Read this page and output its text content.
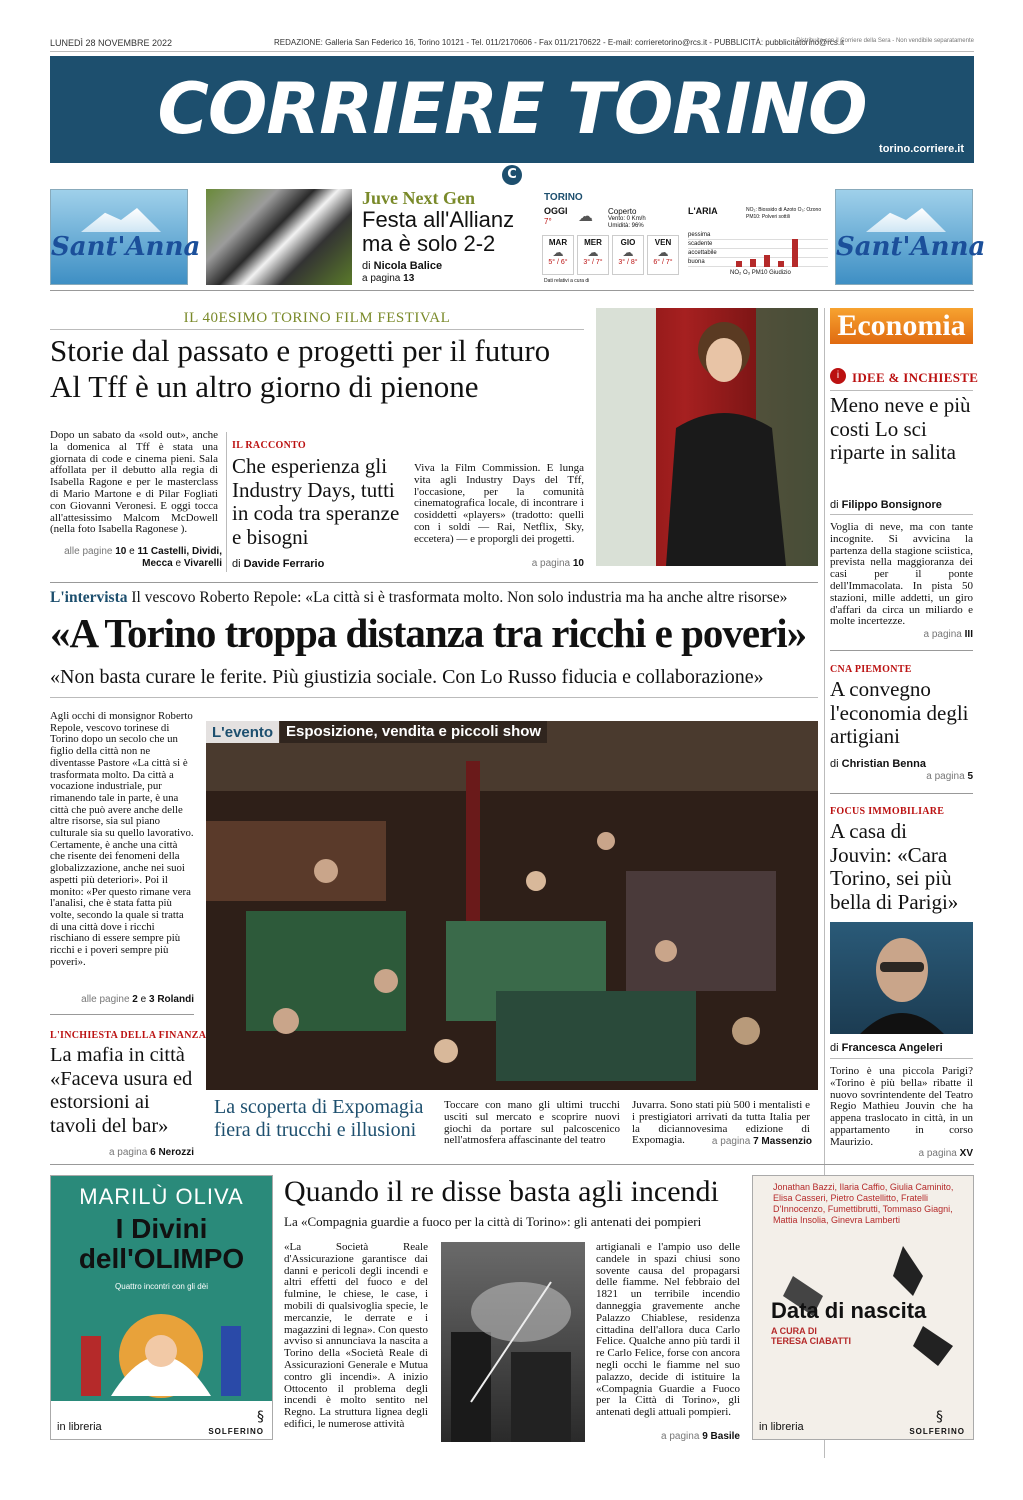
LUNEDÌ 28 NOVEMBRE 2022	REDAZIONE: Galleria San Federico 16, Torino 10121 - Tel. 011/2170606 - Fax 011/2170622 - E-mail: corrieretorino@rcs.it - PUBBLICITÀ: pubblicitatorino@rcs.it
Distribuito con il Corriere della Sera - Non vendibile separatamente
CORRIERE TORINO	torino.corriere.it
C
Sant'Anna	Sant'Anna
Juve Next Gen
Festa all'Allianz ma è solo 2-2
di Nicola Balice
a pagina 13
TORINO
OGGI
7° ☁ Coperto
Vento: 0 Km/h
Umidità: 96%
MAR
☁
5° / 6°
MER
☁
3° / 7°
GIO
☁
3° / 8°
VEN
☁
6° / 7°
Dati relativi a cura di
L'ARIA	NO₂: Biossido di Azoto O₃: Ozono PM10: Polveri sottili
pessima
scadente
accettabile
buona
NO₂ O₃ PM10 Giudizio
IL 40ESIMO TORINO FILM FESTIVAL
Storie dal passato e progetti per il futuro
Al Tff è un altro giorno di pienone
Dopo un sabato da «sold out», anche la domenica al Tff è stata una giornata di code e cinema pieni. Sala affollata per il debutto alla regia di Isabella Ragone e per le masterclass di Mario Martone e di Pilar Fogliati con Giovanni Veronesi. E oggi tocca all'attesissimo Malcom McDowell (nella foto Isabella Ragonese ).
alle pagine 10 e 11 Castelli, Dividi, Mecca e Vivarelli
IL RACCONTO
Che esperienza gli Industry Days, tutti in coda tra speranze e bisogni
di Davide Ferrario
Viva la Film Commission. E lunga vita agli Industry Days del Tff, l'occasione, per la comunità cinematografica locale, di incontrare i cosiddetti «players» (tradotto: quelli con i soldi — Rai, Netflix, Sky, eccetera) — e proporgli dei progetti.
a pagina 10
Economia
i IDEE & INCHIESTE
Meno neve e più costi Lo sci riparte in salita
di Filippo Bonsignore
Voglia di neve, ma con tante incognite. Si avvicina la partenza della stagione sciistica, prevista nella maggioranza dei casi per il ponte dell'Immacolata. In pista 50 stazioni, mille addetti, un giro d'affari da circa un miliardo e molte incertezze.
a pagina III
CNA PIEMONTE
A convegno l'economia degli artigiani
di Christian Benna
a pagina 5
FOCUS IMMOBILIARE
A casa di Jouvin: «Cara Torino, sei più bella di Parigi»
di Francesca Angeleri
Torino è una piccola Parigi? «Torino è più bella» ribatte il nuovo sovrintendente del Teatro Regio Mathieu Jouvin che ha appena traslocato in città, in un appartamento in corso Maurizio.
a pagina XV
L'intervista Il vescovo Roberto Repole: «La città si è trasformata molto. Non solo industria ma ha anche altre risorse»
«A Torino troppa distanza tra ricchi e poveri»
«Non basta curare le ferite. Più giustizia sociale. Con Lo Russo fiducia e collaborazione»
Agli occhi di monsignor Roberto Repole, vescovo torinese di Torino dopo un secolo che un figlio della città non ne diventasse Pastore «La città si è trasformata molto. Da città a vocazione industriale, pur rimanendo tale in parte, è una città che può avere anche delle altre risorse, sia sul piano culturale sia su quello lavorativo. Certamente, è anche una città che risente dei fenomeni della globalizzazione, anche nei suoi aspetti più deteriori». Poi il monito: «Per questo rimane vera l'analisi, che è stata fatta più volte, secondo la quale si tratta di una città dove i ricchi rischiano di essere sempre più ricchi e i poveri sempre più poveri».
alle pagine 2 e 3 Rolandi
L'INCHIESTA DELLA FINANZA
La mafia in città «Faceva usura ed estorsioni ai tavoli del bar»
a pagina 6 Nerozzi
L'evento Esposizione, vendita e piccoli show
La scoperta di Expomagia fiera di trucchi e illusioni
Toccare con mano gli ultimi trucchi usciti sul mercato e scoprire nuovi giochi da portare sul palcoscenico nell'atmosfera affascinante del teatro
Juvarra. Sono stati più 500 i mentalisti e i prestigiatori arrivati da tutta Italia per la diciannovesima edizione di Expomagia.	a pagina 7 Massenzio
MARILÙ OLIVA
I Divini dell'OLIMPO
Quattro incontri con gli dèi
in libreria
§
SOLFERINO
Quando il re disse basta agli incendi
La «Compagnia guardie a fuoco per la città di Torino»: gli antenati dei pompieri
«La Società Reale d'Assicurazione garantisce dai danni e pericoli degli incendi e altri effetti del fuoco e del fulmine, le chiese, le case, i mobili di qualsivoglia specie, le mercanzie, le derrate e i magazzini di legna». Con questo avviso si annunciava la nascita a Torino della «Società Reale di Assicurazioni Generale e Mutua contro gli incendi». A inizio Ottocento il problema degli incendi è molto sentito nel Regno. La struttura lignea degli edifici, le numerose attività
artigianali e l'ampio uso delle candele in spazi chiusi sono sovente causa del propagarsi delle fiamme. Nel febbraio del 1821 un terribile incendio danneggia gravemente anche Palazzo Chiablese, residenza cittadina dell'allora duca Carlo Felice. Qualche anno più tardi il re Carlo Felice, forse con ancora negli occhi le fiamme nel suo palazzo, decide di istituire la «Compagnia Guardie a Fuoco per la Città di Torino», gli antenati degli attuali pompieri.
a pagina 9 Basile
Jonathan Bazzi, Ilaria Caffio, Giulia Caminito, Elisa Casseri, Pietro Castellitto, Fratelli D'Innocenzo, Fumettibrutti, Tommaso Giagni, Mattia Insolia, Ginevra Lamberti
Data di nascita
A CURA DI
TERESA CIABATTI
in libreria
§
SOLFERINO
